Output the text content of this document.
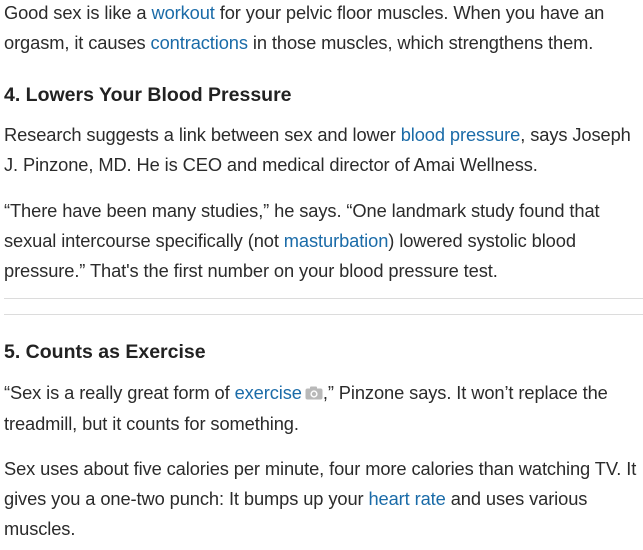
Good sex is like a workout for your pelvic floor muscles. When you have an orgasm, it causes contractions in those muscles, which strengthens them.

4. Lowers Your Blood Pressure

Research suggests a link between sex and lower blood pressure, says Joseph J. Pinzone, MD. He is CEO and medical director of Amai Wellness.

“There have been many studies,” he says. “One landmark study found that sexual intercourse specifically (not masturbation) lowered systolic blood pressure.” That's the first number on your blood pressure test.

5. Counts as Exercise

“Sex is a really great form of exercise ,” Pinzone says. It won’t replace the treadmill, but it counts for something.

Sex uses about five calories per minute, four more calories than watching TV. It gives you a one-two punch: It bumps up your heart rate and uses various muscles.
